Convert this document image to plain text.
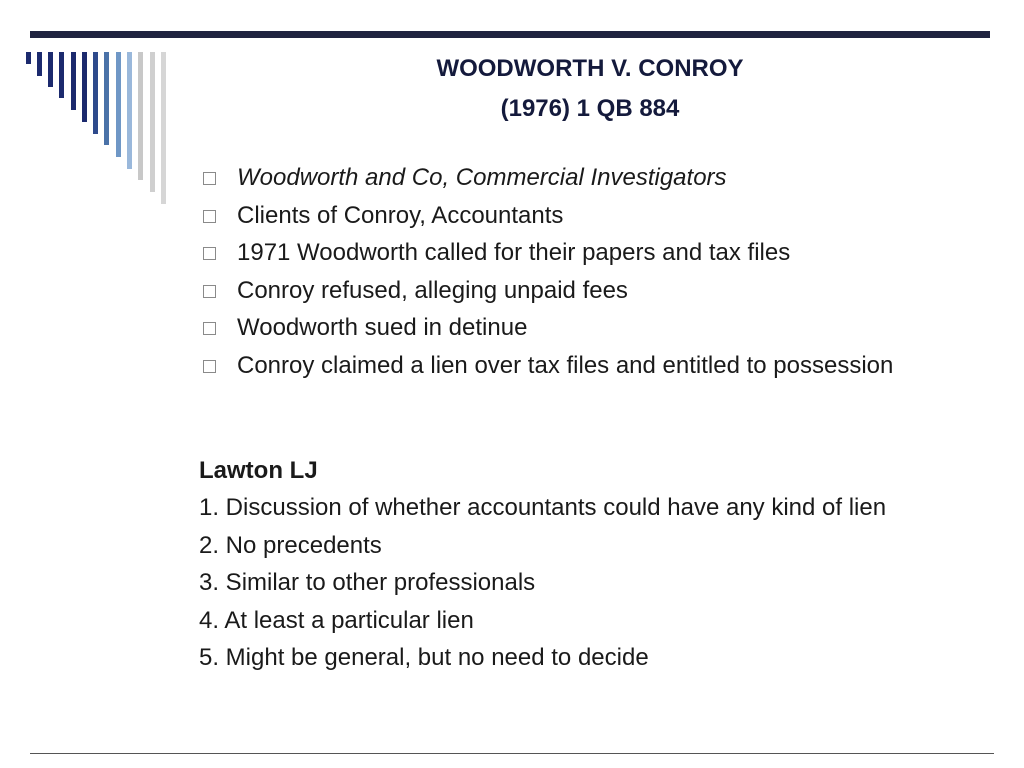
WOODWORTH V. CONROY
(1976) 1 QB 884
Woodworth and Co, Commercial Investigators
Clients of Conroy, Accountants
1971 Woodworth called for their papers and tax files
Conroy refused, alleging unpaid fees
Woodworth sued in detinue
Conroy claimed a lien over tax files and entitled to possession
Lawton LJ
1. Discussion of whether accountants could have any kind of lien
2. No precedents
3. Similar to other professionals
4. At least a particular lien
5. Might be general, but no need to decide
